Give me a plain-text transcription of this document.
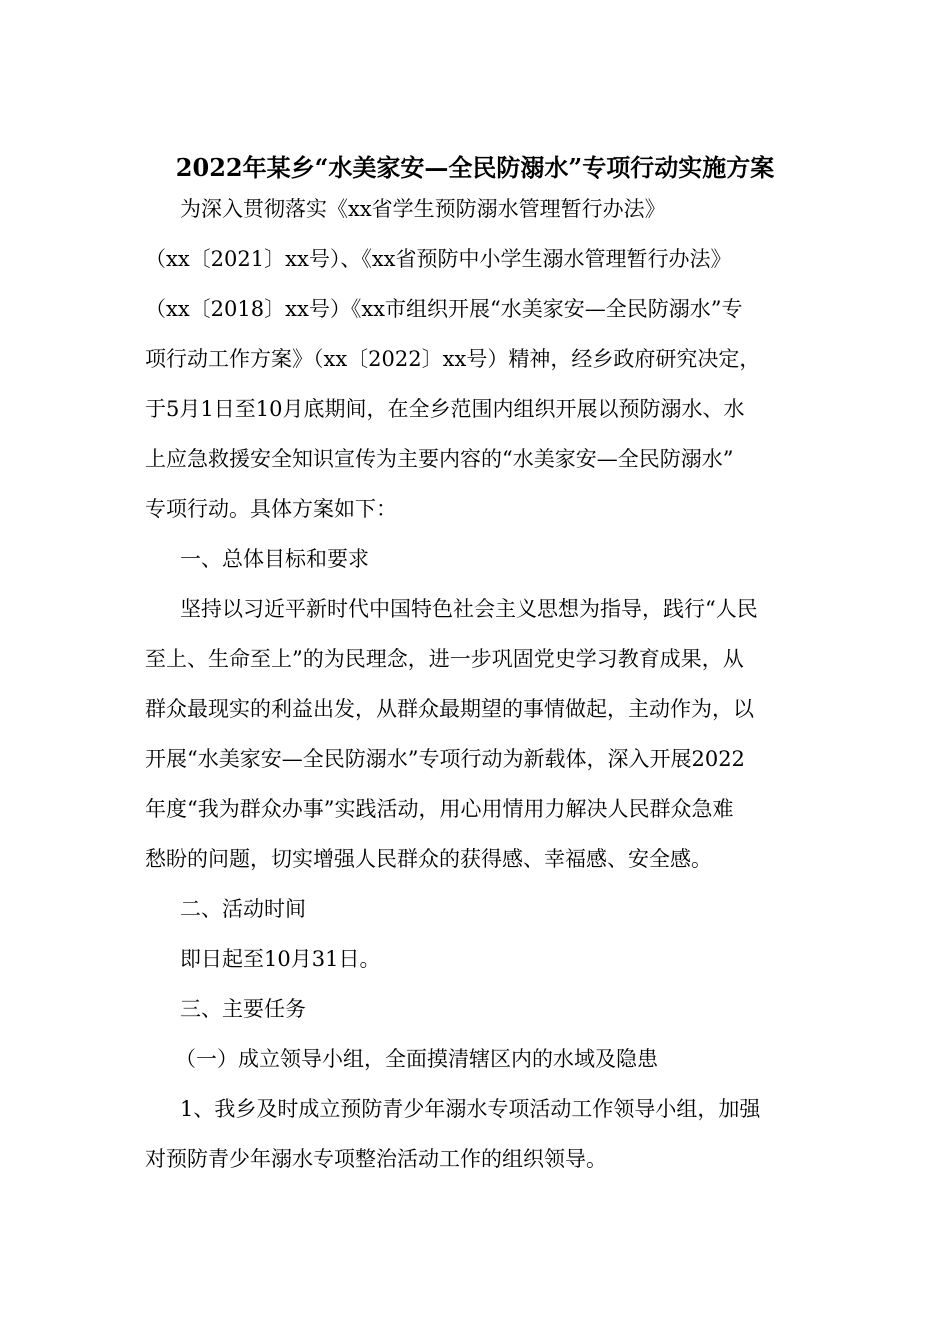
2022年某乡“水美家安—全民防溺水”专项行动实施方案
为深入贯彻落实《xx省学生预防溺水管理暂行办法》
（xx〔2021〕xx号）、《xx省预防中小学生溺水管理暂行办法》
（xx〔2018〕xx号）《xx市组织开展“水美家安—全民防溺水”专
项行动工作方案》（xx〔2022〕xx号）精神，经乡政府研究决定，
于5月1日至10月底期间，在全乡范围内组织开展以预防溺水、水
上应急救援安全知识宣传为主要内容的“水美家安—全民防溺水”
专项行动。具体方案如下：
一、总体目标和要求
坚持以习近平新时代中国特色社会主义思想为指导，践行“人民
至上、生命至上”的为民理念，进一步巩固党史学习教育成果，从
群众最现实的利益出发，从群众最期望的事情做起，主动作为，以
开展“水美家安—全民防溺水”专项行动为新载体，深入开展2022
年度“我为群众办事”实践活动，用心用情用力解决人民群众急难
愁盼的问题，切实增强人民群众的获得感、幸福感、安全感。
二、活动时间
即日起至10月31日。
三、主要任务
（一）成立领导小组，全面摸清辖区内的水域及隐患
1、我乡及时成立预防青少年溺水专项活动工作领导小组，加强
对预防青少年溺水专项整治活动工作的组织领导。
